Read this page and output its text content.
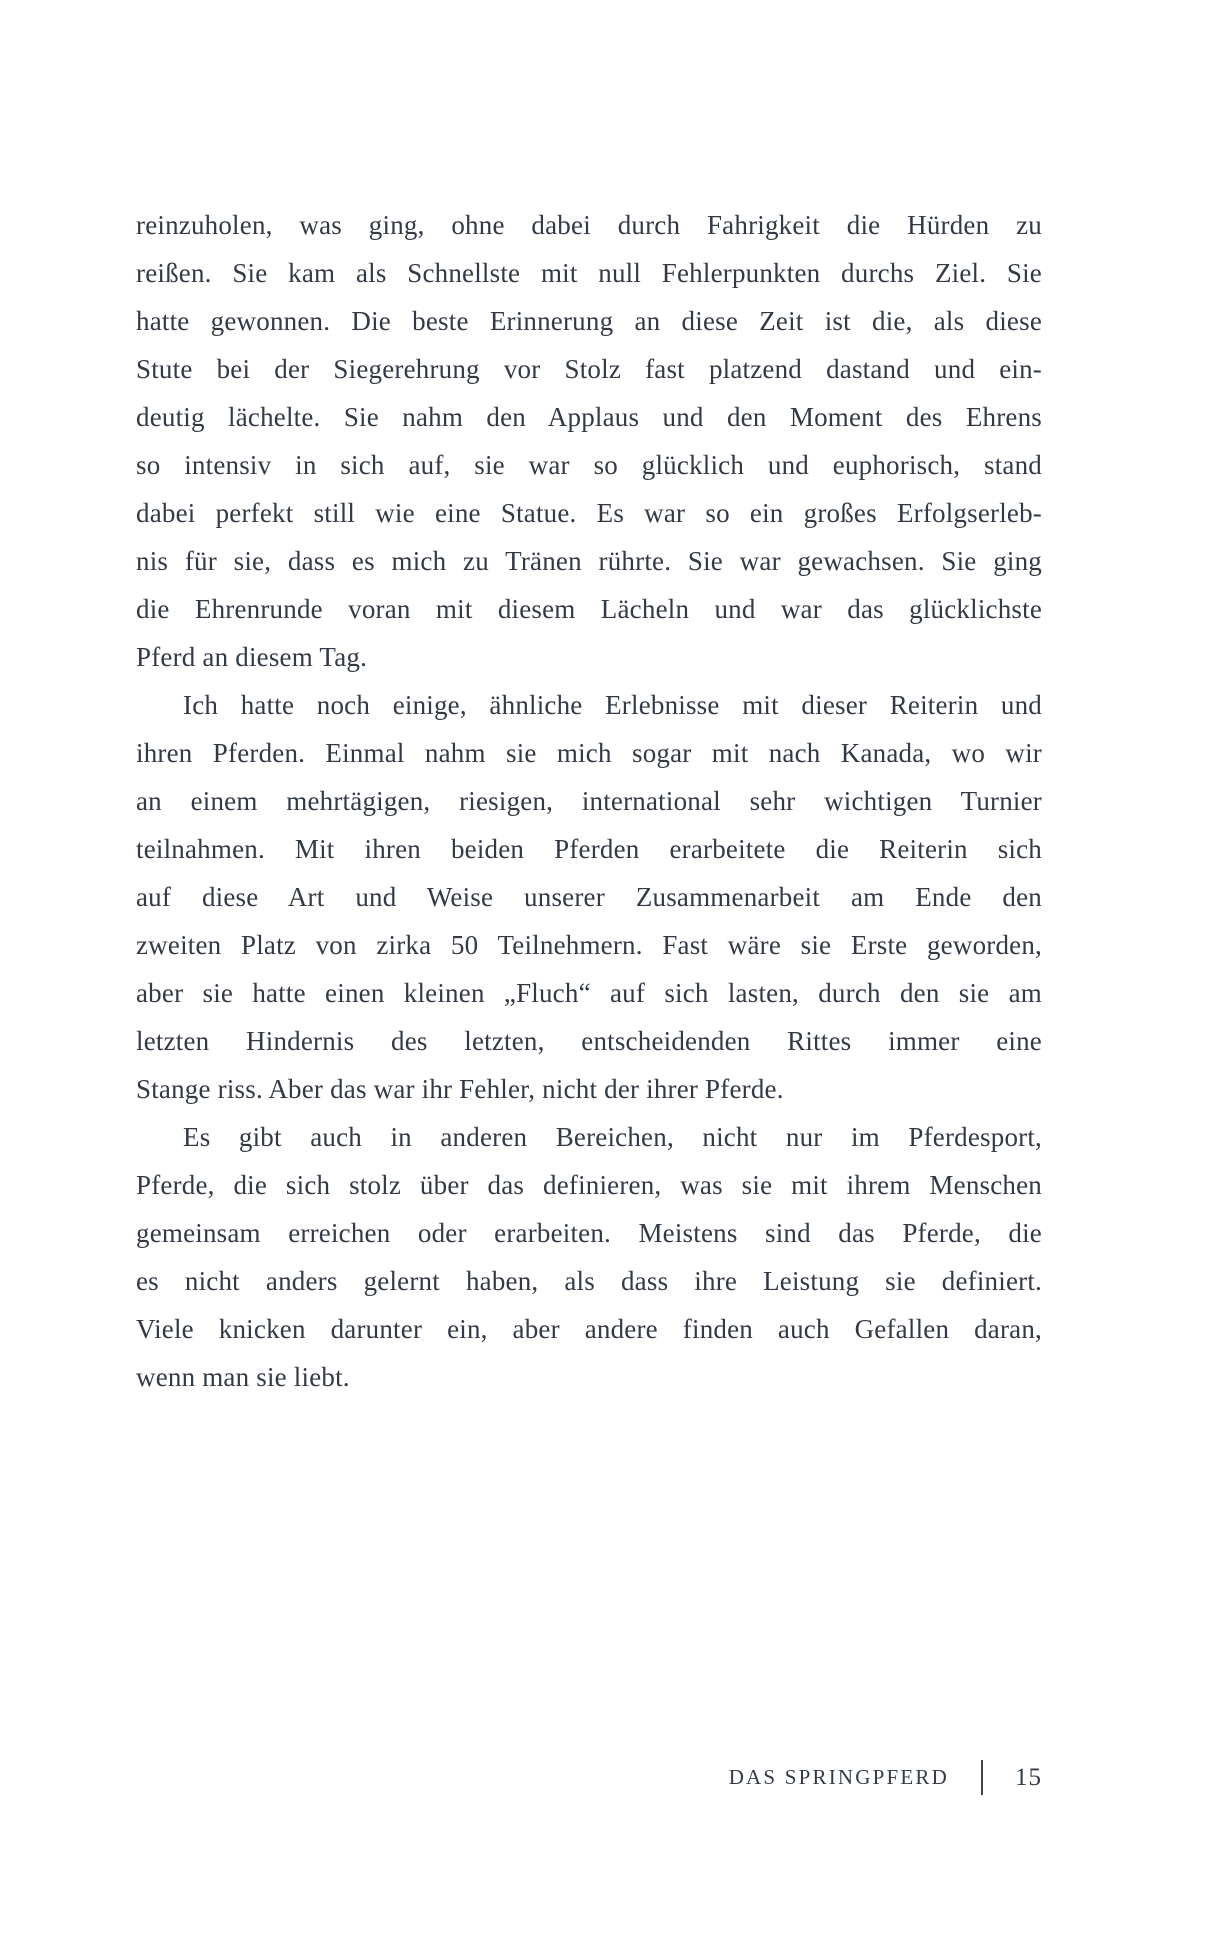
reinzuholen, was ging, ohne dabei durch Fahrigkeit die Hürden zu
reißen. Sie kam als Schnellste mit null Fehlerpunkten durchs Ziel. Sie
hatte gewonnen. Die beste Erinnerung an diese Zeit ist die, als diese
Stute bei der Siegerehrung vor Stolz fast platzend dastand und ein-
deutig lächelte. Sie nahm den Applaus und den Moment des Ehrens
so intensiv in sich auf, sie war so glücklich und euphorisch, stand
dabei perfekt still wie eine Statue. Es war so ein großes Erfolgserleb-
nis für sie, dass es mich zu Tränen rührte. Sie war gewachsen. Sie ging
die Ehrenrunde voran mit diesem Lächeln und war das glücklichste
Pferd an diesem Tag.
Ich hatte noch einige, ähnliche Erlebnisse mit dieser Reiterin und
ihren Pferden. Einmal nahm sie mich sogar mit nach Kanada, wo wir
an einem mehrtägigen, riesigen, international sehr wichtigen Turnier
teilnahmen. Mit ihren beiden Pferden erarbeitete die Reiterin sich
auf diese Art und Weise unserer Zusammenarbeit am Ende den
zweiten Platz von zirka 50 Teilnehmern. Fast wäre sie Erste geworden,
aber sie hatte einen kleinen „Fluch“ auf sich lasten, durch den sie am
letzten Hindernis des letzten, entscheidenden Rittes immer eine
Stange riss. Aber das war ihr Fehler, nicht der ihrer Pferde.
Es gibt auch in anderen Bereichen, nicht nur im Pferdesport,
Pferde, die sich stolz über das definieren, was sie mit ihrem Menschen
gemeinsam erreichen oder erarbeiten. Meistens sind das Pferde, die
es nicht anders gelernt haben, als dass ihre Leistung sie definiert.
Viele knicken darunter ein, aber andere finden auch Gefallen daran,
wenn man sie liebt.
DAS SPRINGPFERD	15
